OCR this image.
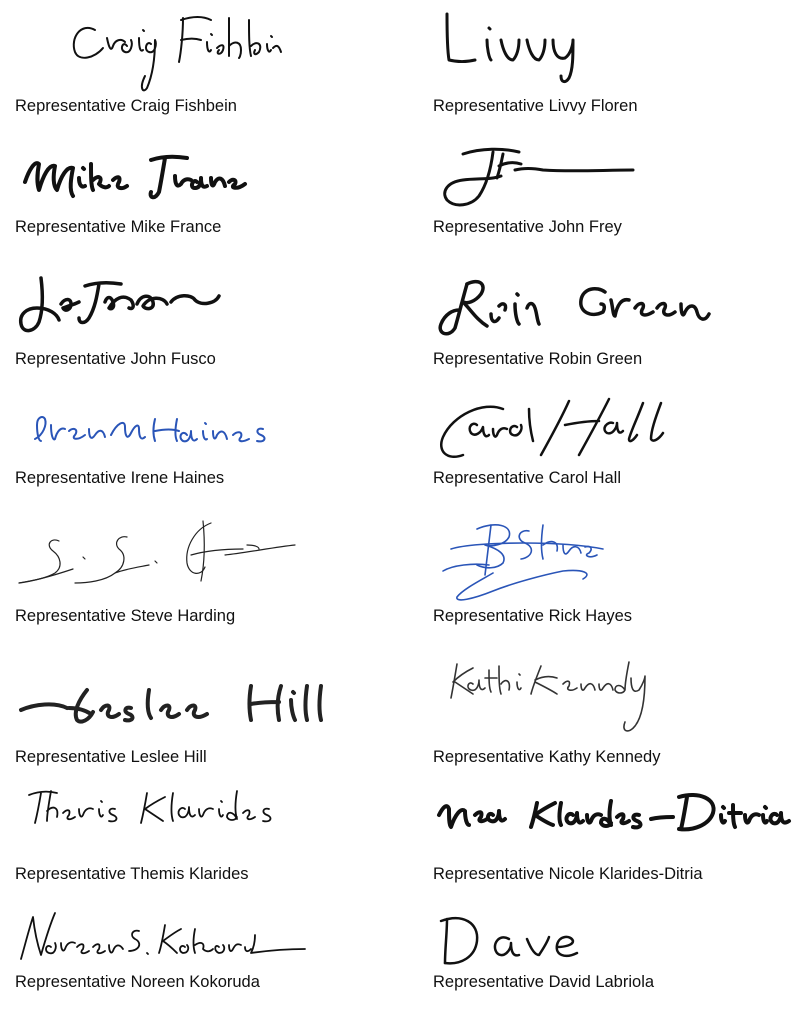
Representative Craig Fishbein	Representative Livvy Floren
Representative Mike France	Representative John Frey
Representative John Fusco	Representative Robin Green
Representative Irene Haines	Representative Carol Hall
Representative Steve Harding	Representative Rick Hayes
Representative Leslee Hill	Representative Kathy Kennedy
Representative Themis Klarides	Representative Nicole Klarides-Ditria
Representative Noreen Kokoruda	Representative David Labriola
